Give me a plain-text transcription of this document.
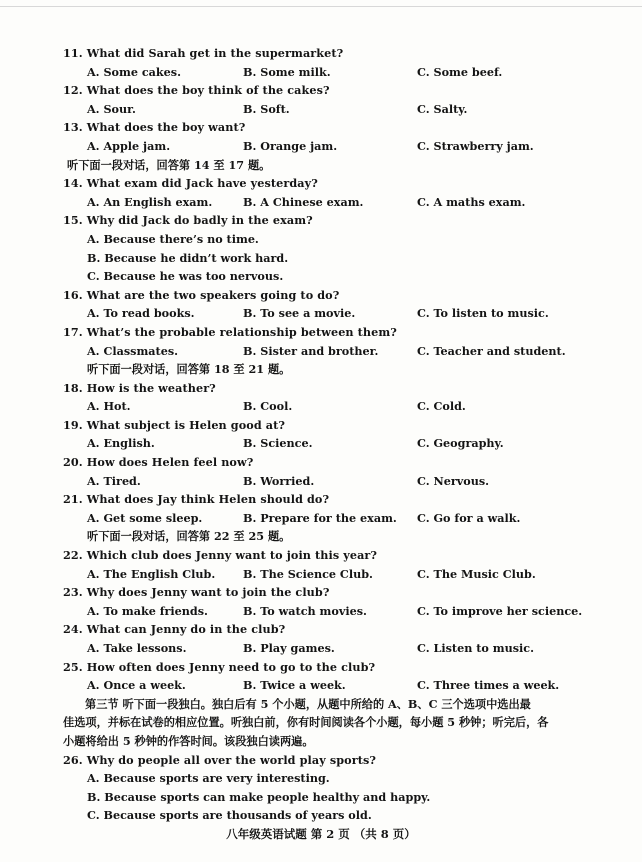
11. What did Sarah get in the supermarket?
A. Some cakes.	B. Some milk.	C. Some beef.
12. What does the boy think of the cakes?
A. Sour.	B. Soft.	C. Salty.
13. What does the boy want?
A. Apple jam.	B. Orange jam.	C. Strawberry jam.
听下面一段对话，回答第 14 至 17 题。
14. What exam did Jack have yesterday?
A. An English exam.	B. A Chinese exam.	C. A maths exam.
15. Why did Jack do badly in the exam?
A. Because there’s no time.
B. Because he didn’t work hard.
C. Because he was too nervous.
16. What are the two speakers going to do?
A. To read books.	B. To see a movie.	C. To listen to music.
17. What’s the probable relationship between them?
A. Classmates.	B. Sister and brother.	C. Teacher and student.
听下面一段对话，回答第 18 至 21 题。
18. How is the weather?
A. Hot.	B. Cool.	C. Cold.
19. What subject is Helen good at?
A. English.	B. Science.	C. Geography.
20. How does Helen feel now?
A. Tired.	B. Worried.	C. Nervous.
21. What does Jay think Helen should do?
A. Get some sleep.	B. Prepare for the exam. C. Go for a walk.
听下面一段对话，回答第 22 至 25 题。
22. Which club does Jenny want to join this year?
A. The English Club. B. The Science Club.	C. The Music Club.
23. Why does Jenny want to join the club?
A. To make friends.	B. To watch movies.	C. To improve her science.
24. What can Jenny do in the club?
A. Take lessons.	B. Play games.	C. Listen to music.
25. How often does Jenny need to go to the club?
A. Once a week.	B. Twice a week.	C. Three times a week.
第三节 听下面一段独白。独白后有 5 个小题，从题中所给的 A、B、C 三个选项中选出最
佳选项，并标在试卷的相应位置。听独白前，你有时间阅读各个小题，每小题 5 秒钟；听完后，各
小题将给出 5 秒钟的作答时间。该段独白读两遍。
26. Why do people all over the world play sports?
A. Because sports are very interesting.
B. Because sports can make people healthy and happy.
C. Because sports are thousands of years old.
八年级英语试题 第 2 页 （共 8 页）
